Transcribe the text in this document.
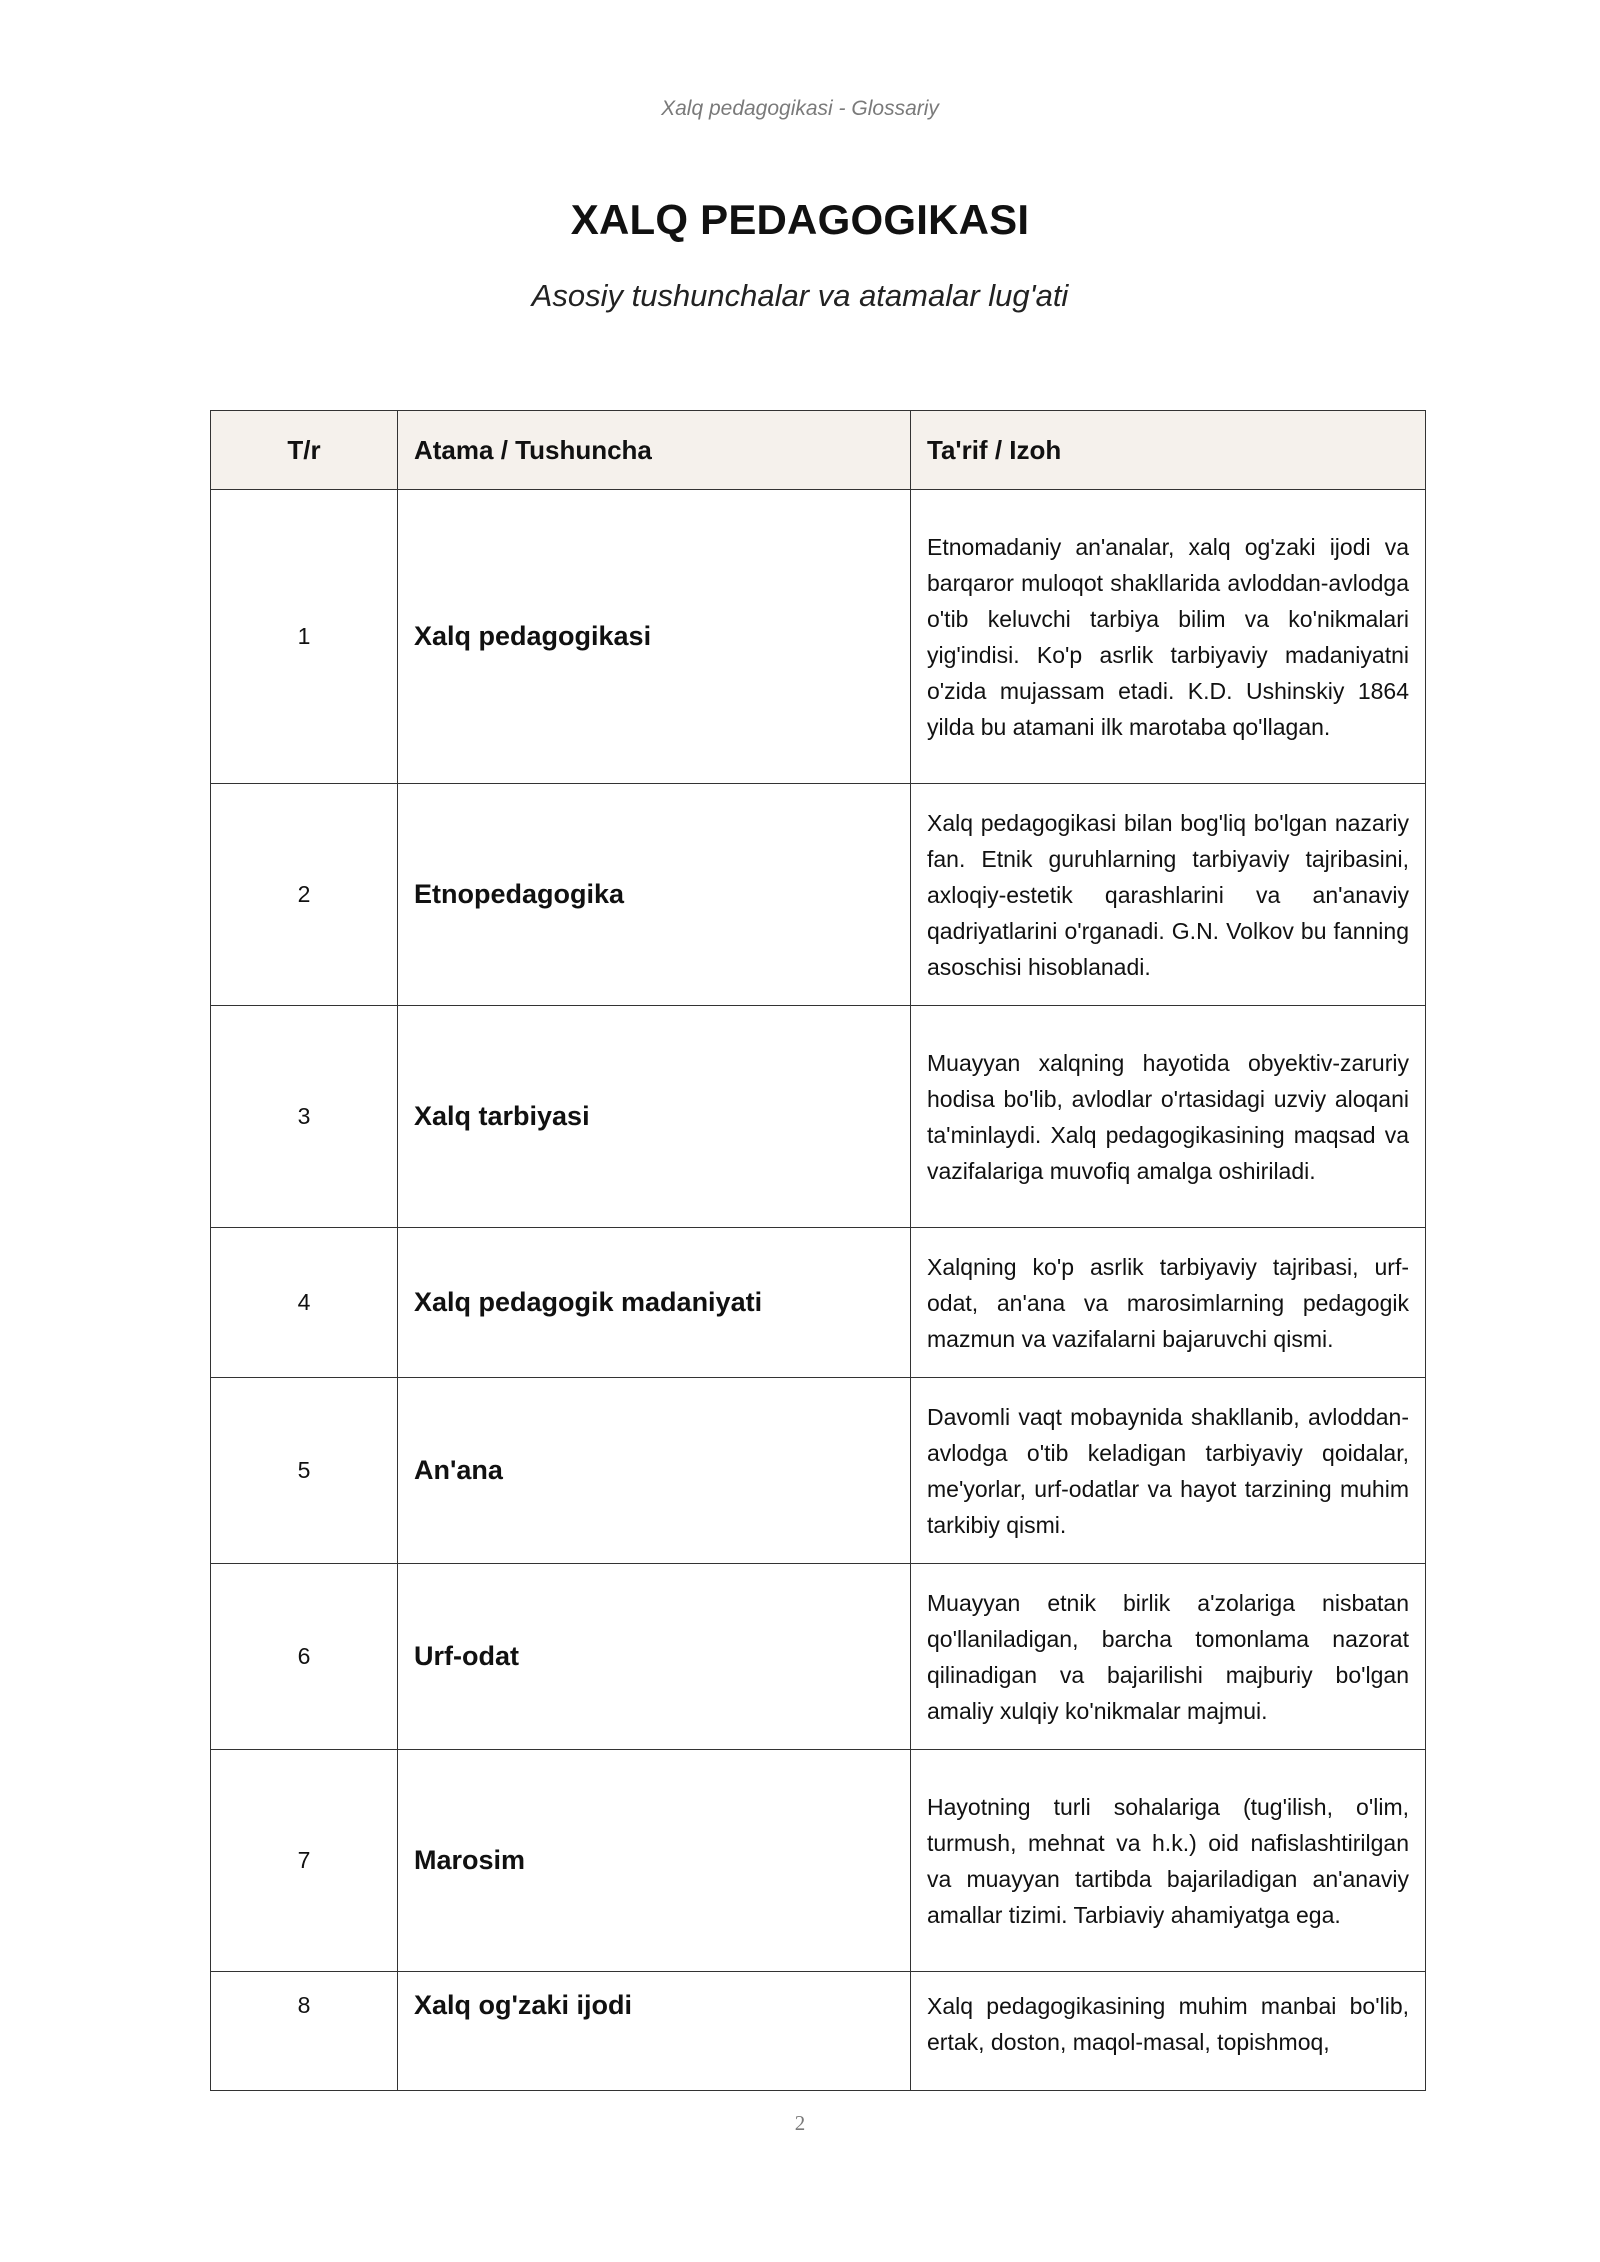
Xalq pedagogikasi - Glossariy
XALQ PEDAGOGIKASI
Asosiy tushunchalar va atamalar lug'ati
T/r	Atama / Tushuncha	Ta'rif / Izoh
1	Xalq pedagogikasi	Etnomadaniy an'analar, xalq og'zaki ijodi va barqaror muloqot shakllarida avloddan-avlodga o'tib keluvchi tarbiya bilim va ko'nikmalari yig'indisi. Ko'p asrlik tarbiyaviy madaniyatni o'zida mujassam etadi. K.D. Ushinskiy 1864 yilda bu atamani ilk marotaba qo'llagan.
2	Etnopedagogika	Xalq pedagogikasi bilan bog'liq bo'lgan nazariy fan. Etnik guruhlarning tarbiyaviy tajribasini, axloqiy-estetik qarashlarini va an'anaviy qadriyatlarini o'rganadi. G.N. Volkov bu fanning asoschisi hisoblanadi.
3	Xalq tarbiyasi	Muayyan xalqning hayotida obyektiv-zaruriy hodisa bo'lib, avlodlar o'rtasidagi uzviy aloqani ta'minlaydi. Xalq pedagogikasining maqsad va vazifalariga muvofiq amalga oshiriladi.
4	Xalq pedagogik madaniyati	Xalqning ko'p asrlik tarbiyaviy tajribasi, urf-odat, an'ana va marosimlarning pedagogik mazmun va vazifalarni bajaruvchi qismi.
5	An'ana	Davomli vaqt mobaynida shakllanib, avloddan-avlodga o'tib keladigan tarbiyaviy qoidalar, me'yorlar, urf-odatlar va hayot tarzining muhim tarkibiy qismi.
6	Urf-odat	Muayyan etnik birlik a'zolariga nisbatan qo'llaniladigan, barcha tomonlama nazorat qilinadigan va bajarilishi majburiy bo'lgan amaliy xulqiy ko'nikmalar majmui.
7	Marosim	Hayotning turli sohalariga (tug'ilish, o'lim, turmush, mehnat va h.k.) oid nafislashtirilgan va muayyan tartibda bajariladigan an'anaviy amallar tizimi. Tarbiaviy ahamiyatga ega.
8	Xalq og'zaki ijodi	Xalq pedagogikasining muhim manbai bo'lib, ertak, doston, maqol-masal, topishmoq,
2
